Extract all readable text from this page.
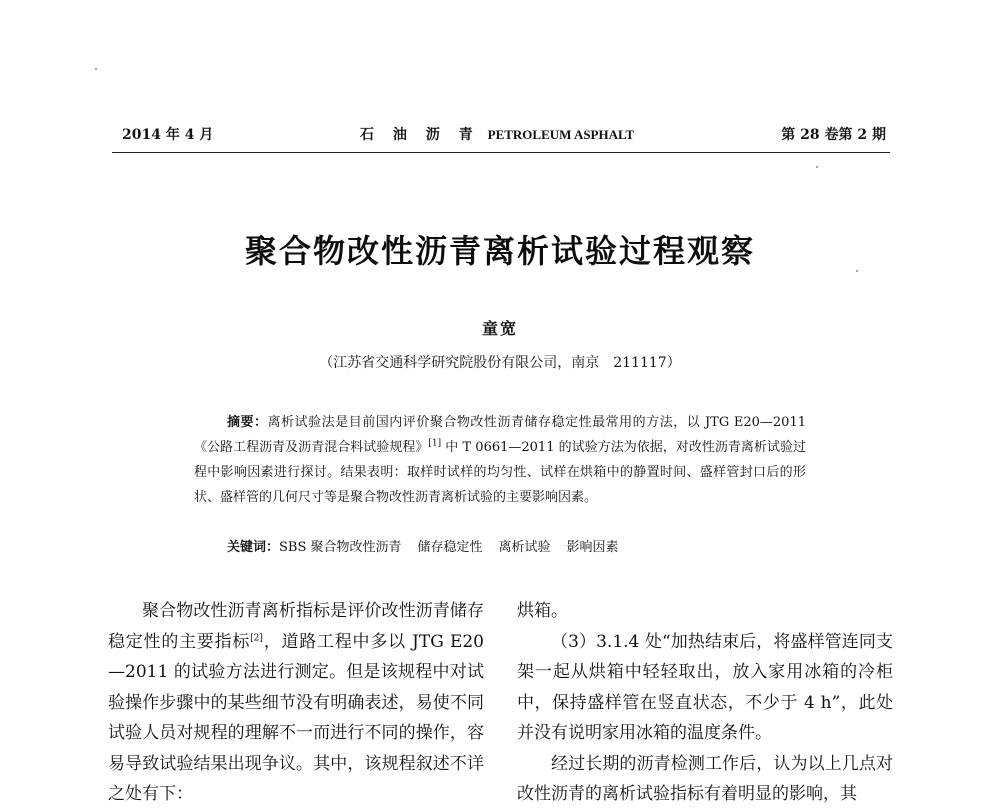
2014 年 4 月	石 油 沥 青 PETROLEUM ASPHALT	第 28 卷第 2 期
聚合物改性沥青离析试验过程观察
童宽
（江苏省交通科学研究院股份有限公司，南京　211117）
摘要：离析试验法是目前国内评价聚合物改性沥青储存稳定性最常用的方法，以 JTG E20—2011《公路工程沥青及沥青混合料试验规程》[1] 中 T 0661—2011 的试验方法为依据，对改性沥青离析试验过程中影响因素进行探讨。结果表明：取样时试样的均匀性、试样在烘箱中的静置时间、盛样管封口后的形状、盛样管的几何尺寸等是聚合物改性沥青离析试验的主要影响因素。
关键词：SBS 聚合物改性沥青 储存稳定性 离析试验 影响因素

聚合物改性沥青离析指标是评价改性沥青储存稳定性的主要指标[2]，道路工程中多以 JTG E20—2011 的试验方法进行测定。但是该规程中对试验操作步骤中的某些细节没有明确表述，易使不同试验人员对规程的理解不一而进行不同的操作，容易导致试验结果出现争议。其中，该规程叙述不详之处有下：

烘箱。

（3）3.1.4 处“加热结束后，将盛样管连同支架一起从烘箱中轻轻取出，放入家用冰箱的冷柜中，保持盛样管在竖直状态，不少于 4 h”，此处并没有说明家用冰箱的温度条件。

经过长期的沥青检测工作后，认为以上几点对改性沥青的离析试验指标有着明显的影响，其
